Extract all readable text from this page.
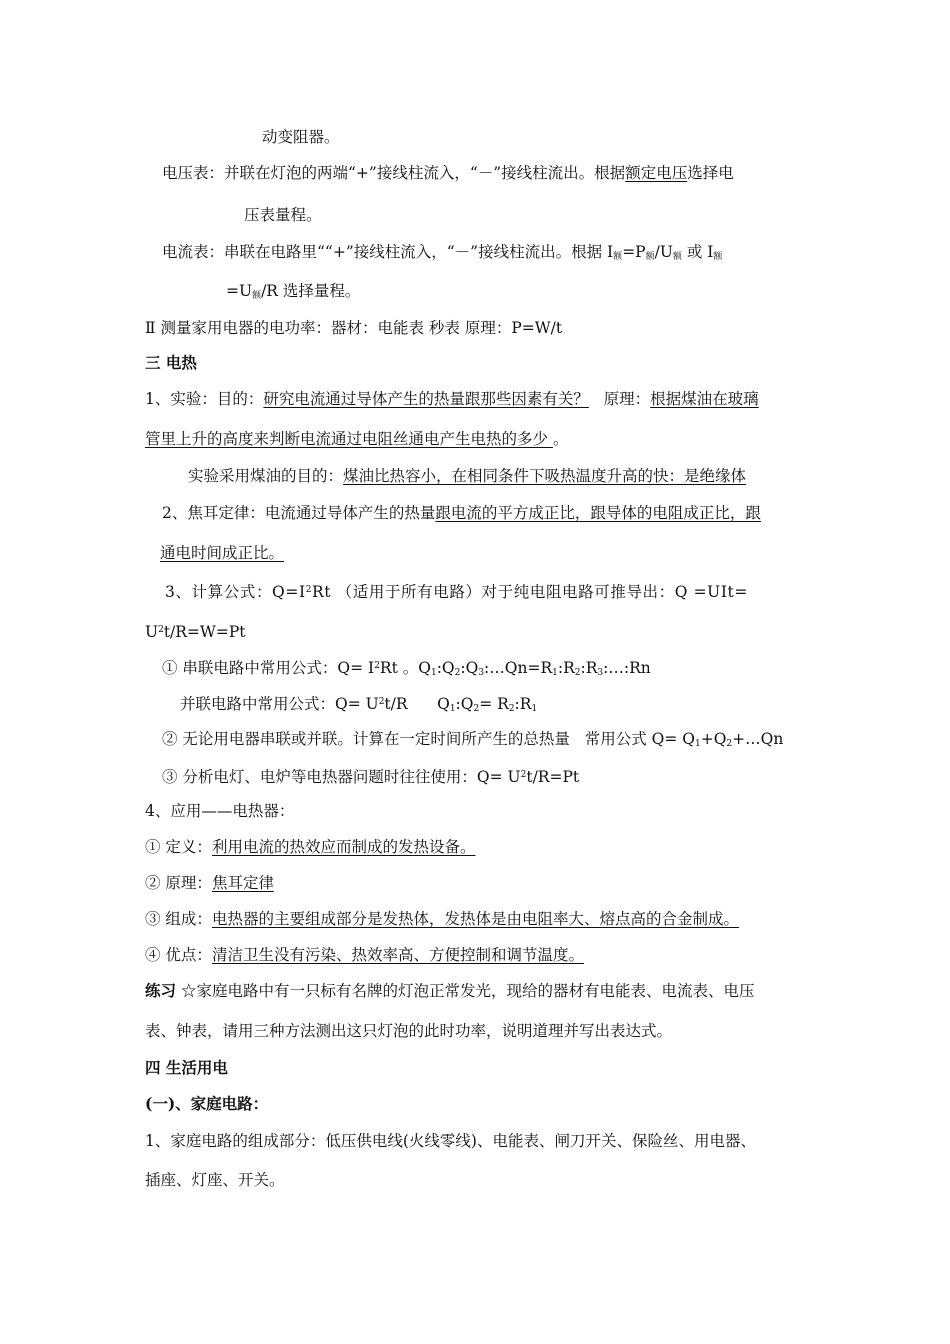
动变阻器。
电压表：并联在灯泡的两端“+”接线柱流入，“－”接线柱流出。根据额定电压选择电
压表量程。
电流表：串联在电路里““+”接线柱流入，“－”接线柱流出。根据 $I_额=P_额/U_额$ 或 $I_额$
$=U_额/R$ 选择量程。
Ⅱ 测量家用电器的电功率：器材：电能表 秒表 原理：P=W/t
三 电热
1、实验：目的：研究电流通过导体产生的热量跟那些因素有关？   原理：根据煤油在玻璃
管里上升的高度来判断电流通过电阻丝通电产生电热的多少 。
实验采用煤油的目的：煤油比热容小，在相同条件下吸热温度升高的快：是绝缘体
2、焦耳定律：电流通过导体产生的热量跟电流的平方成正比，跟导体的电阻成正比，跟
通电时间成正比。
3、计算公式：$Q=I^2Rt$ （适用于所有电路）对于纯电阻电路可推导出：Q =UIt=
$U^2t/R=W=Pt$
① 串联电路中常用公式：$Q= I^2Rt$ 。$Q_1:Q_2:Q_3:\dots Qn=R_1:R_2:R_3:\dots:Rn$
并联电路中常用公式：$Q= U^2t/R$      $Q_1:Q_2=$ $R_2:R_1$
② 无论用电器串联或并联。计算在一定时间所产生的总热量   常用公式 $Q= Q_1+Q_2+\dots Qn$
③ 分析电灯、电炉等电热器问题时往往使用：$Q= U^2t/R=Pt$
4、应用——电热器：
① 定义：利用电流的热效应而制成的发热设备。
② 原理：焦耳定律
③ 组成：电热器的主要组成部分是发热体，发热体是由电阻率大、熔点高的合金制成。
④ 优点：清洁卫生没有污染、热效率高、方便控制和调节温度。
练习 ☆家庭电路中有一只标有名牌的灯泡正常发光，现给的器材有电能表、电流表、电压
表、钟表，请用三种方法测出这只灯泡的此时功率，说明道理并写出表达式。
四 生活用电
(一)、家庭电路：
1、家庭电路的组成部分：低压供电线(火线零线)、电能表、闸刀开关、保险丝、用电器、
插座、灯座、开关。
